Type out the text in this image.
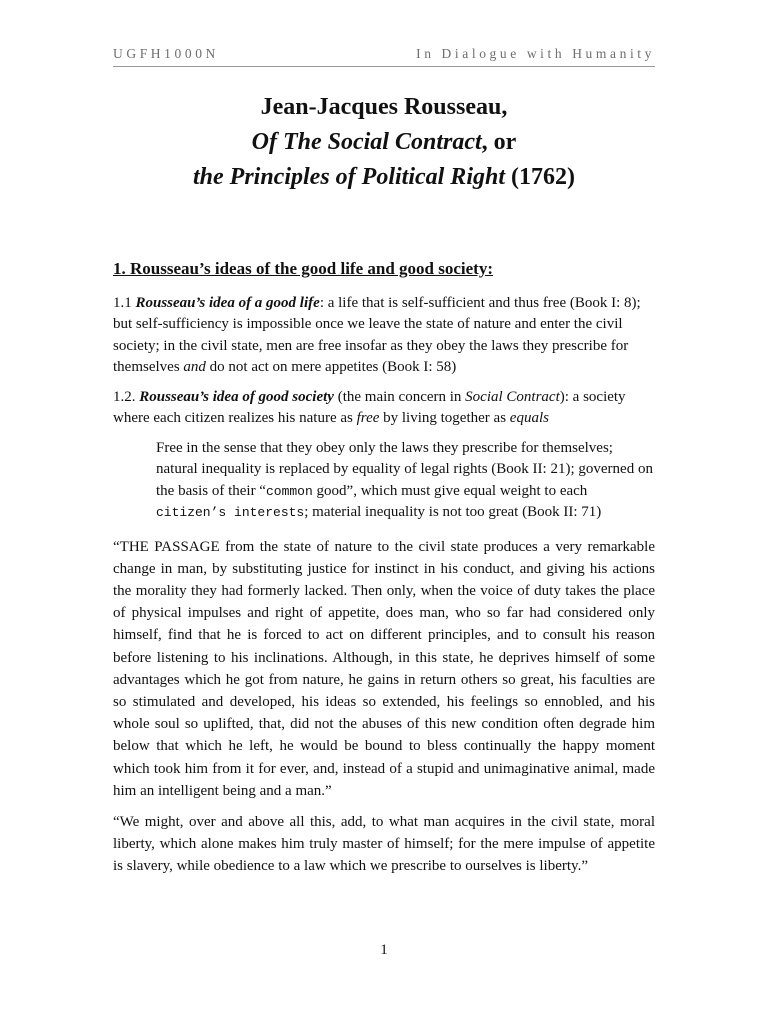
UGFH1000N	In Dialogue with Humanity
Jean-Jacques Rousseau,
Of The Social Contract, or
the Principles of Political Right (1762)
1. Rousseau’s ideas of the good life and good society:

1.1 Rousseau’s idea of a good life: a life that is self-sufficient and thus free (Book I: 8); but self-sufficiency is impossible once we leave the state of nature and enter the civil society; in the civil state, men are free insofar as they obey the laws they prescribe for themselves and do not act on mere appetites (Book I: 58)

1.2. Rousseau’s idea of good society (the main concern in Social Contract): a society where each citizen realizes his nature as free by living together as equals

Free in the sense that they obey only the laws they prescribe for themselves; natural inequality is replaced by equality of legal rights (Book II: 21); governed on the basis of their “common good”, which must give equal weight to each citizen’s interests; material inequality is not too great (Book II: 71)

“THE PASSAGE from the state of nature to the civil state produces a very remarkable change in man, by substituting justice for instinct in his conduct, and giving his actions the morality they had formerly lacked. Then only, when the voice of duty takes the place of physical impulses and right of appetite, does man, who so far had considered only himself, find that he is forced to act on different principles, and to consult his reason before listening to his inclinations. Although, in this state, he deprives himself of some advantages which he got from nature, he gains in return others so great, his faculties are so stimulated and developed, his ideas so extended, his feelings so ennobled, and his whole soul so uplifted, that, did not the abuses of this new condition often degrade him below that which he left, he would be bound to bless continually the happy moment which took him from it for ever, and, instead of a stupid and unimaginative animal, made him an intelligent being and a man.”

“We might, over and above all this, add, to what man acquires in the civil state, moral liberty, which alone makes him truly master of himself; for the mere impulse of appetite is slavery, while obedience to a law which we prescribe to ourselves is liberty.”

1
